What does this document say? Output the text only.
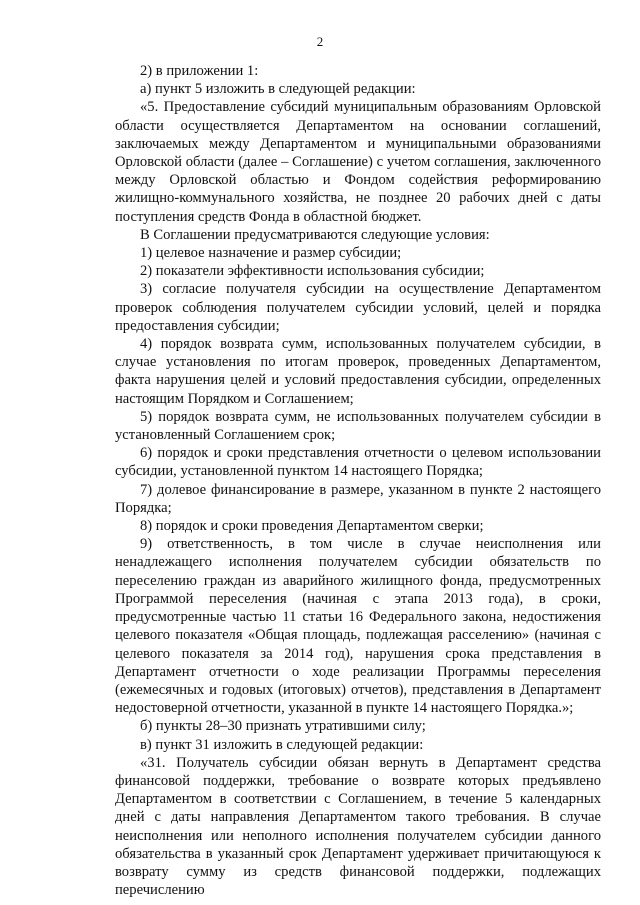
2

2) в приложении 1:

а) пункт 5 изложить в следующей редакции:

«5. Предоставление субсидий муниципальным образованиям Орловской области осуществляется Департаментом на основании соглашений, заключаемых между Департаментом и муниципальными образованиями Орловской области (далее – Соглашение) с учетом соглашения, заключенного между Орловской областью и Фондом содействия реформированию жилищно-коммунального хозяйства, не позднее 20 рабочих дней с даты поступления средств Фонда в областной бюджет.

В Соглашении предусматриваются следующие условия:

1) целевое назначение и размер субсидии;

2) показатели эффективности использования субсидии;

3) согласие получателя субсидии на осуществление Департаментом проверок соблюдения получателем субсидии условий, целей и порядка предоставления субсидии;

4) порядок возврата сумм, использованных получателем субсидии, в случае установления по итогам проверок, проведенных Департаментом, факта нарушения целей и условий предоставления субсидии, определенных настоящим Порядком и Соглашением;

5) порядок возврата сумм, не использованных получателем субсидии в установленный Соглашением срок;

6) порядок и сроки представления отчетности о целевом использовании субсидии, установленной пунктом 14 настоящего Порядка;

7) долевое финансирование в размере, указанном в пункте 2 настоящего Порядка;

8) порядок и сроки проведения Департаментом сверки;

9) ответственность, в том числе в случае неисполнения или ненадлежащего исполнения получателем субсидии обязательств по переселению граждан из аварийного жилищного фонда, предусмотренных Программой переселения (начиная с этапа 2013 года), в сроки, предусмотренные частью 11 статьи 16 Федерального закона, недостижения целевого показателя «Общая площадь, подлежащая расселению» (начиная с целевого показателя за 2014 год), нарушения срока представления в Департамент отчетности о ходе реализации Программы переселения (ежемесячных и годовых (итоговых) отчетов), представления в Департамент недостоверной отчетности, указанной в пункте 14 настоящего Порядка.»;

б) пункты 28–30 признать утратившими силу;

в) пункт 31 изложить в следующей редакции:

«31. Получатель субсидии обязан вернуть в Департамент средства финансовой поддержки, требование о возврате которых предъявлено Департаментом в соответствии с Соглашением, в течение 5 календарных дней с даты направления Департаментом такого требования. В случае неисполнения или неполного исполнения получателем субсидии данного обязательства в указанный срок Департамент удерживает причитающуюся к возврату сумму из средств финансовой поддержки, подлежащих перечислению
